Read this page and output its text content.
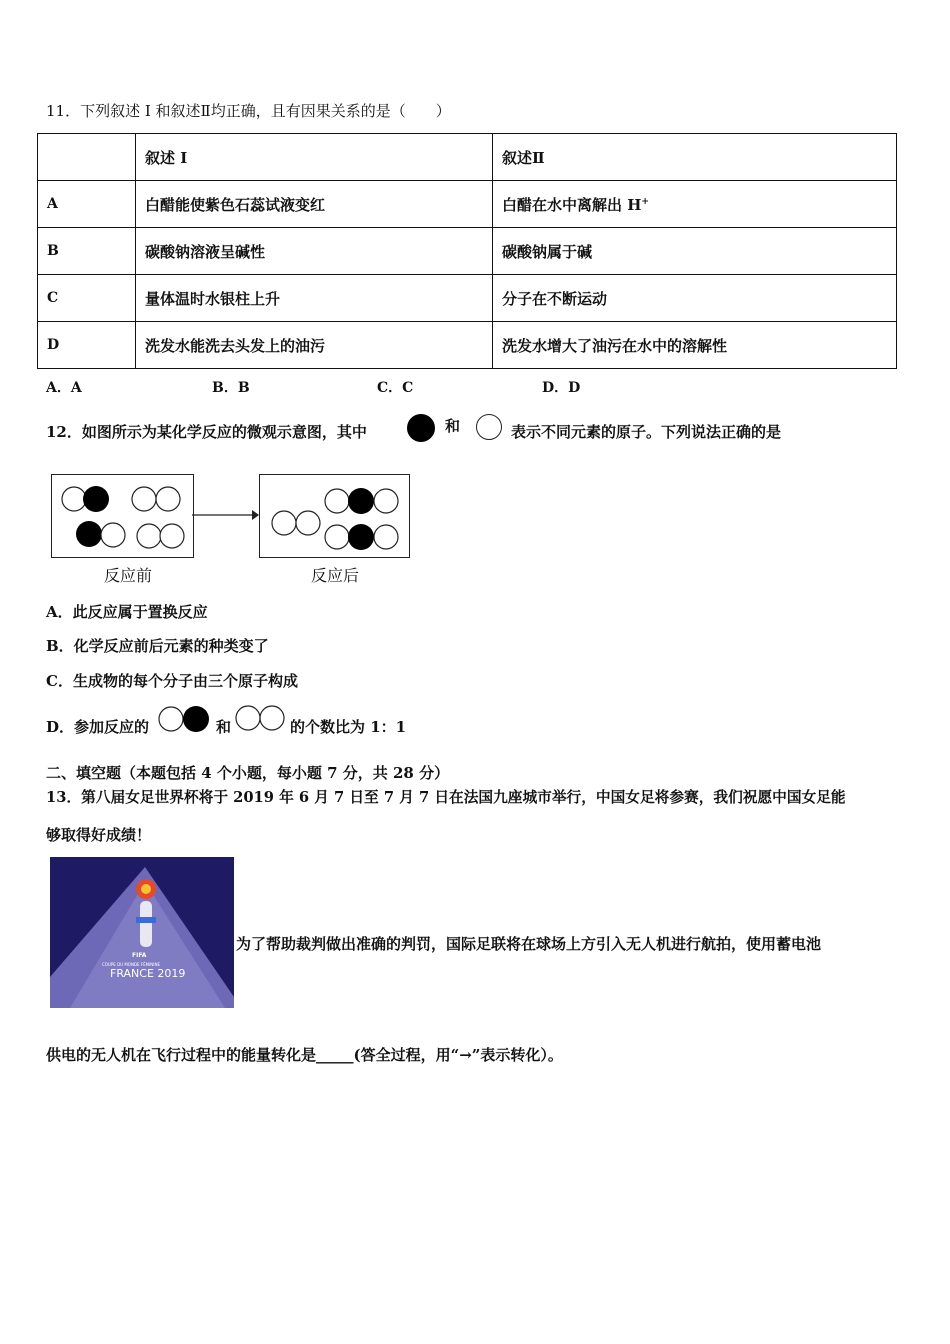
11．下列叙述 I 和叙述Ⅱ均正确，且有因果关系的是（　　）
	叙述 I	叙述Ⅱ
A	白醋能使紫色石蕊试液变红	白醋在水中离解出 H+
B	碳酸钠溶液呈碱性	碳酸钠属于碱
C	量体温时水银柱上升	分子在不断运动
D	洗发水能洗去头发上的油污	洗发水增大了油污在水中的溶解性
A．A	B．B	C．C	D．D
12．如图所示为某化学反应的微观示意图，其中	和	表示不同元素的原子。下列说法正确的是
反应前	反应后
A．此反应属于置换反应
B．化学反应前后元素的种类变了
C．生成物的每个分子由三个原子构成
D．参加反应的	和	的个数比为 1：1
二、填空题（本题包括 4 个小题，每小题 7 分，共 28 分）
13．第八届女足世界杯将于 2019 年 6 月 7 日至 7 月 7 日在法国九座城市举行，中国女足将参赛，我们祝愿中国女足能
够取得好成绩！
FIFA
COUPE DU MONDE FÉMININE
FRANCE 2019
为了帮助裁判做出准确的判罚，国际足联将在球场上方引入无人机进行航拍，使用蓄电池
供电的无人机在飞行过程中的能量转化是_____(答全过程，用“→”表示转化）。
